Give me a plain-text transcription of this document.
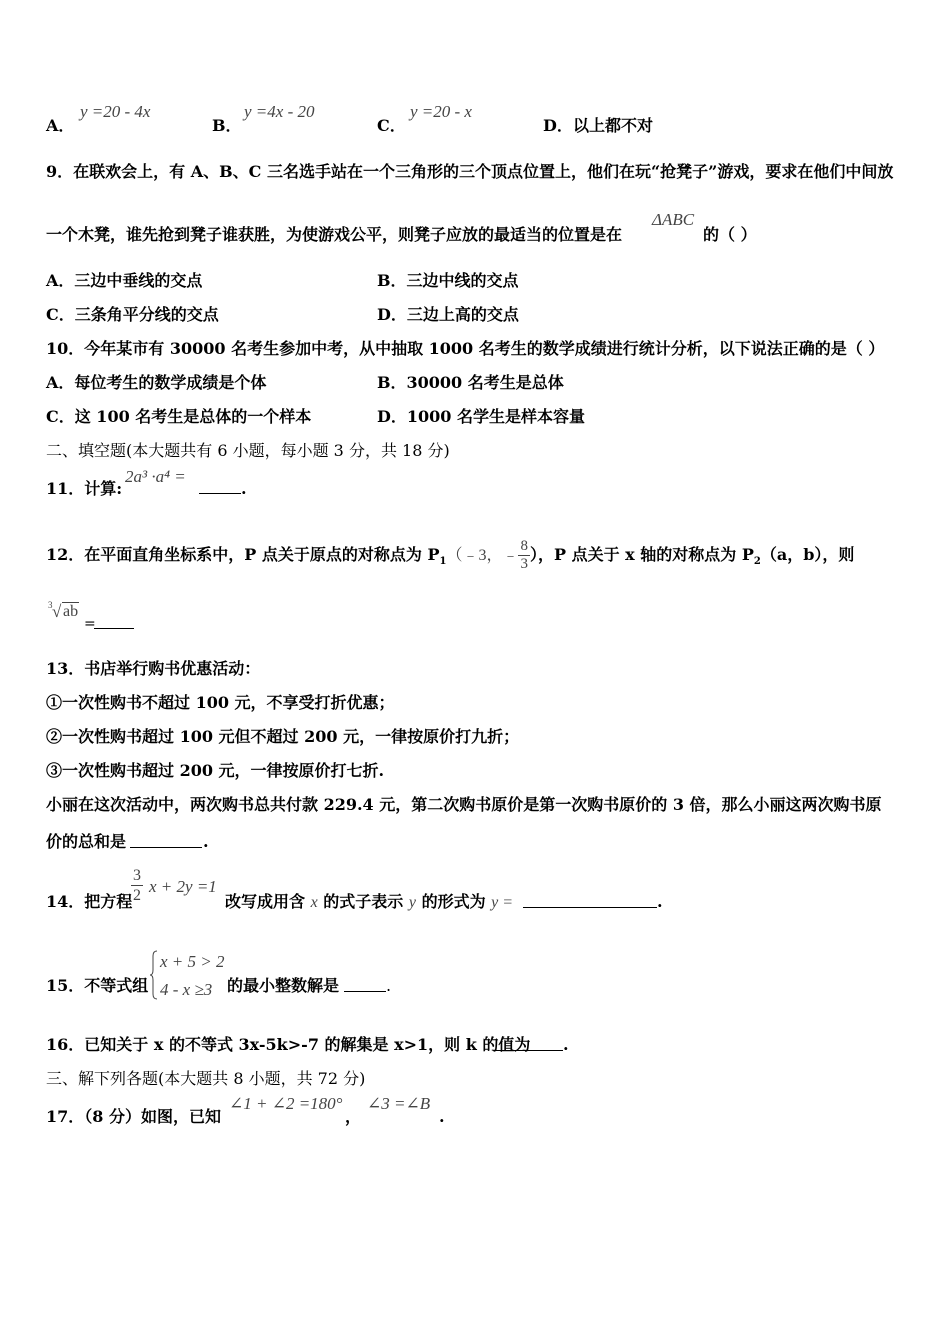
A．
y =20 - 4x
B．
y =4x - 20
C．
y =20 - x
D． 以上都不对
9．在联欢会上，有 A、B、C 三名选手站在一个三角形的三个顶点位置上，他们在玩“抢凳子”游戏，要求在他们中间放
一个木凳，谁先抢到凳子谁获胜，为使游戏公平，则凳子应放的最适当的位置是在
ΔABC
的（ ）
A．三边中垂线的交点	B．三边中线的交点
C．三条角平分线的交点	D．三边上高的交点
10．今年某市有 30000 名考生参加中考，从中抽取 1000 名考生的数学成绩进行统计分析，以下说法正确的是（ ）
A．每位考生的数学成绩是个体	B．30000 名考生是总体
C．这 100 名考生是总体的一个样本	D．1000 名学生是样本容量
二、填空题(本大题共有 6 小题，每小题 3 分，共 18 分)
11．计算:
2a³ ·a⁴ =
.
12．在平面直角坐标系中，P 点关于原点的对称点为 $P_1(﹣3$，﹣ $\frac{8}{3}$ ），P 点关于 x 轴的对称点为 $P_2(a$，b），则
3 √ ab
=
13．书店举行购书优惠活动：
①一次性购书不超过 100 元，不享受打折优惠；
②一次性购书超过 100 元但不超过 200 元，一律按原价打九折；
③一次性购书超过 200 元，一律按原价打七折.
小丽在这次活动中，两次购书总共付款 229.4 元，第二次购书原价是第一次购书原价的 3 倍，那么小丽这两次购书原
价的总和是	.
14．把方程
$\frac{3}{2}$ x + 2y =1
改写成用含 x 的式子表示 y 的形式为 y =	.
15．不等式组
x + 5 > 2
4 - x ≥3 的最小整数解是	.
16．已知关于 x 的不等式 3x-5k>-7 的解集是 x>1，则 k 的值为 .
三、解下列各题(本大题共 8 小题，共 72 分)
17．（8 分）如图，已知
∠1 + ∠2 =180°
，
∠3 =∠B
.
